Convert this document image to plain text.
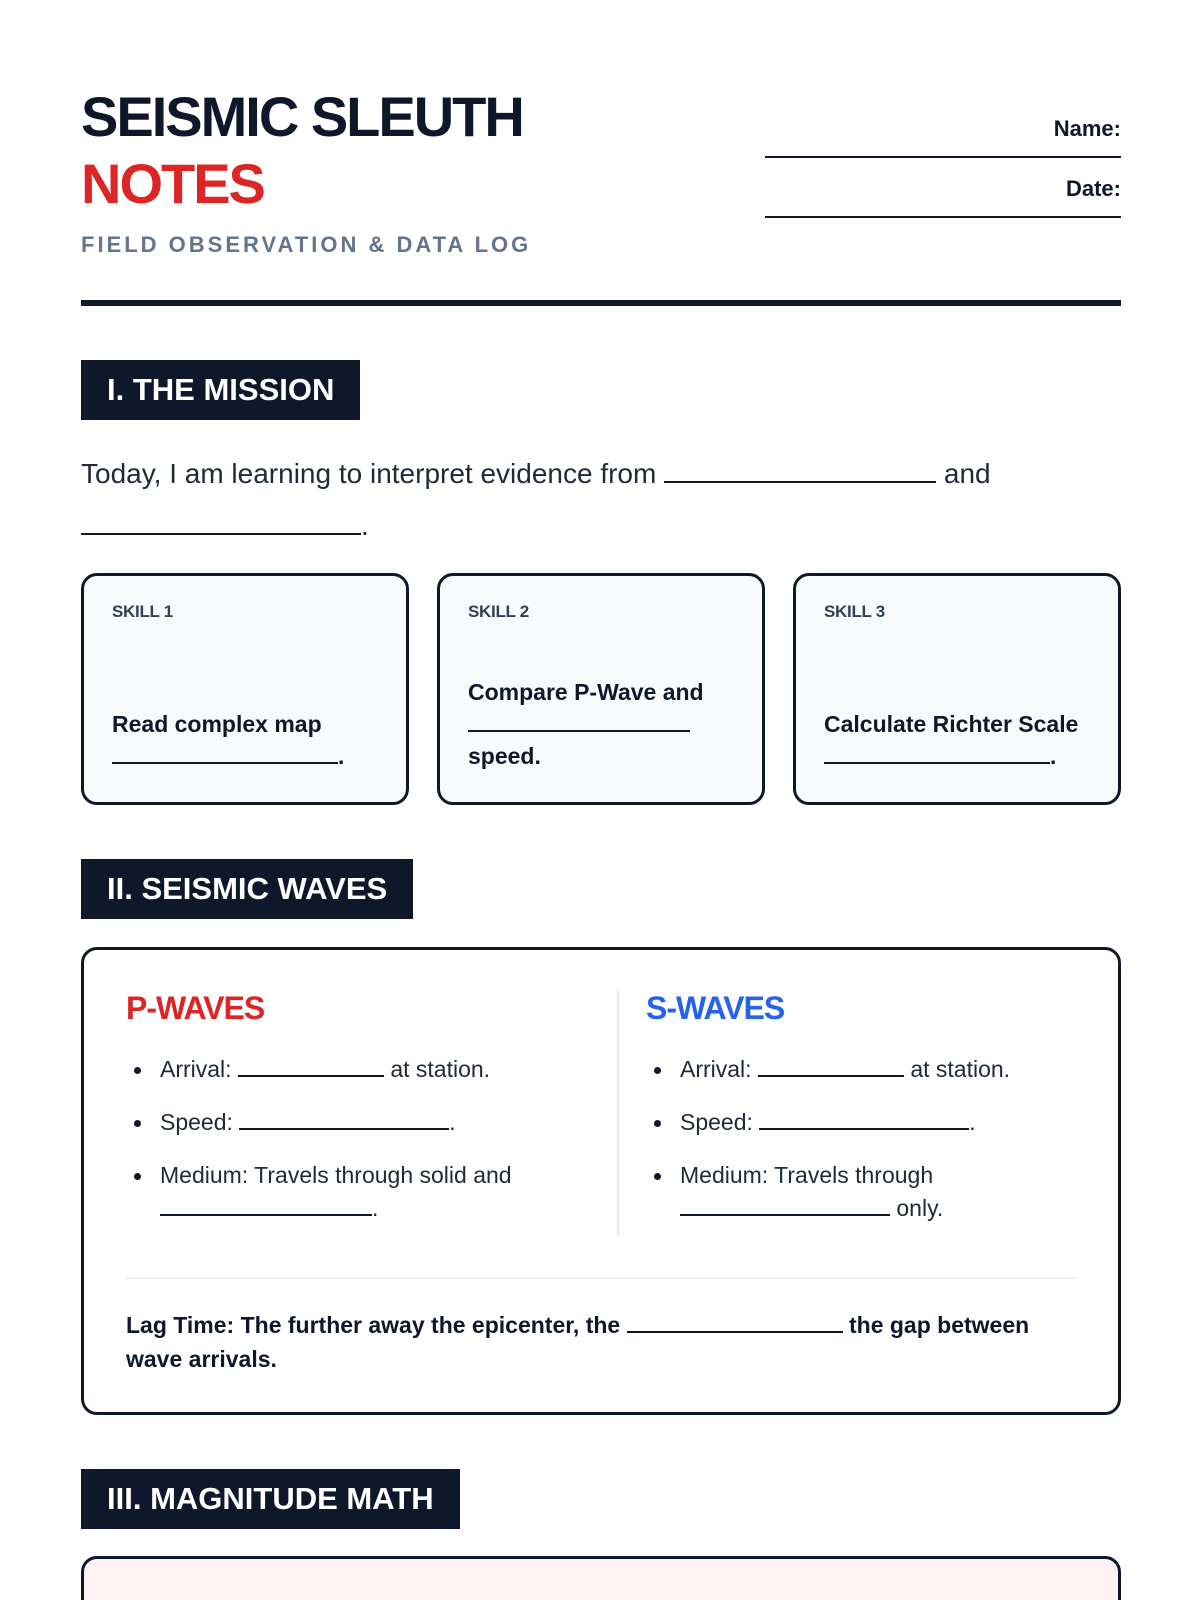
SEISMIC SLEUTH
NOTES
FIELD OBSERVATION & DATA LOG
Name:
Date:
I. THE MISSION
Today, I am learning to interpret evidence from	and .
SKILL 1
Read complex map
.
SKILL 2
Compare P-Wave and

speed.
SKILL 3
Calculate Richter Scale
.
II. SEISMIC WAVES
P-WAVES
Arrival:	at station.
Speed:	.
Medium: Travels through solid and
.
S-WAVES
Arrival:	at station.
Speed:	.
Medium: Travels through
only.
Lag Time: The further away the epicenter, the	the gap between wave arrivals.
III. MAGNITUDE MATH
